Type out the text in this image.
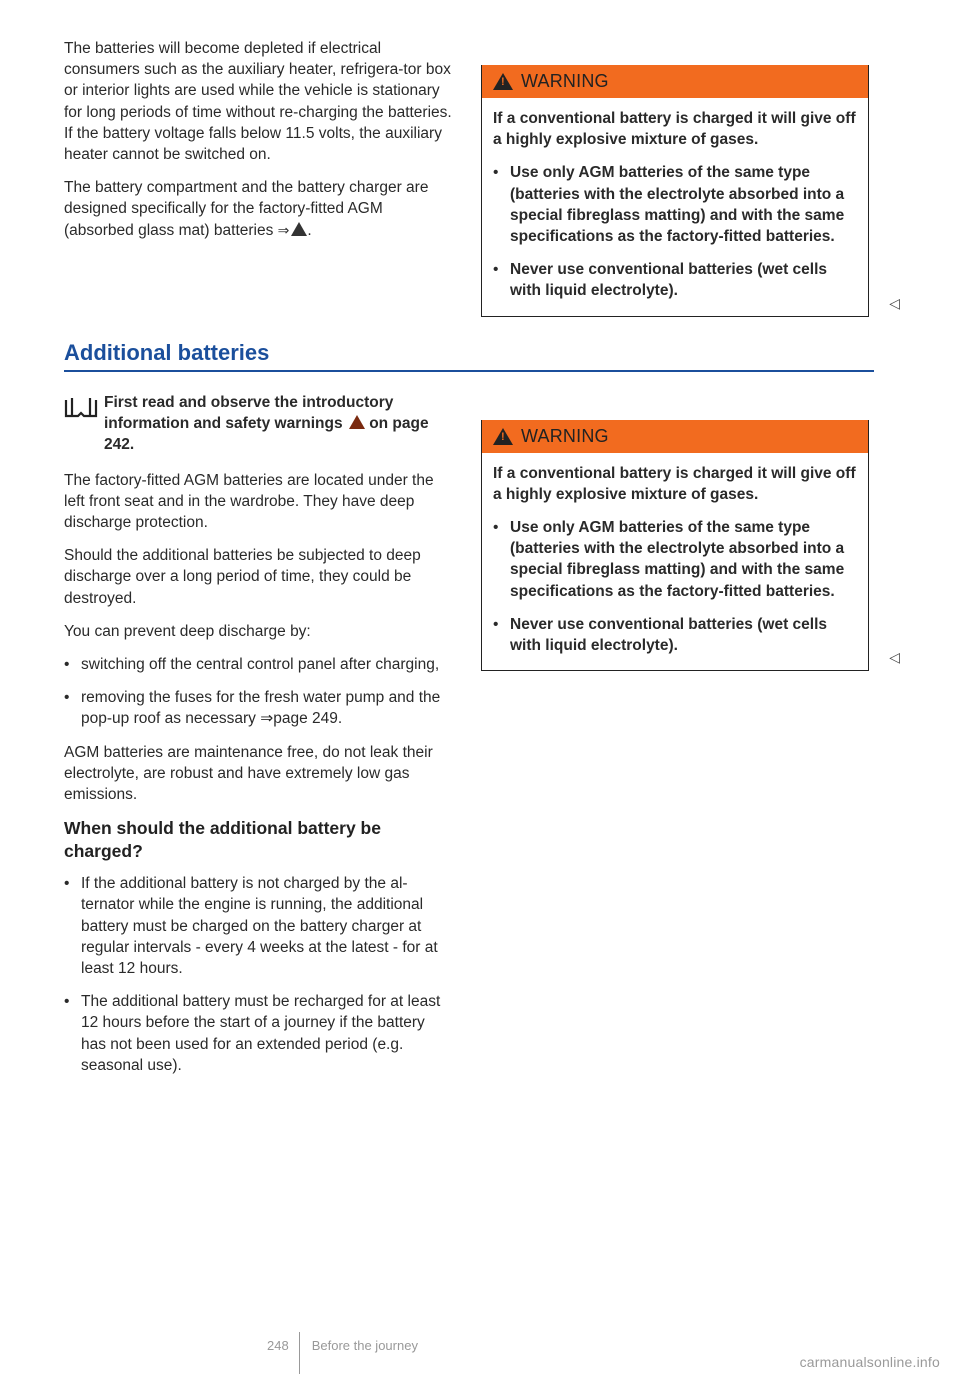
The batteries will become depleted if electrical consumers such as the auxiliary heater, refrigera-tor box or interior lights are used while the vehicle is stationary for long periods of time without re-charging the batteries. If the battery voltage falls below 11.5 volts, the auxiliary heater cannot be switched on.

The battery compartment and the battery charger are designed specifically for the factory-fitted AGM (absorbed glass mat) batteries ⇒ .

Additional batteries
First read and observe the introductory information and safety warnings on page 242.

The factory-fitted AGM batteries are located under the left front seat and in the wardrobe. They have deep discharge protection.

Should the additional batteries be subjected to deep discharge over a long period of time, they could be destroyed.

You can prevent deep discharge by:

• switching off the central control panel after charging,

• removing the fuses for the fresh water pump and the pop-up roof as necessary ⇒page 249.

AGM batteries are maintenance free, do not leak their electrolyte, are robust and have extremely low gas emissions.

When should the additional battery be charged?
• If the additional battery is not charged by the al-ternator while the engine is running, the additional battery must be charged on the battery charger at regular intervals - every 4 weeks at the latest - for at least 12 hours.

• The additional battery must be recharged for at least 12 hours before the start of a journey if the battery has not been used for an extended period (e.g. seasonal use).

!
WARNING

If a conventional battery is charged it will give off a highly explosive mixture of gases.

• Use only AGM batteries of the same type (batteries with the electrolyte absorbed into a special fibreglass matting) and with the same specifications as the factory-fitted batteries.

• Never use conventional batteries (wet cells with liquid electrolyte).

◁
!
WARNING

If a conventional battery is charged it will give off a highly explosive mixture of gases.

• Use only AGM batteries of the same type (batteries with the electrolyte absorbed into a special fibreglass matting) and with the same specifications as the factory-fitted batteries.

• Never use conventional batteries (wet cells with liquid electrolyte).

◁
248 Before the journey
carmanualsonline.info
